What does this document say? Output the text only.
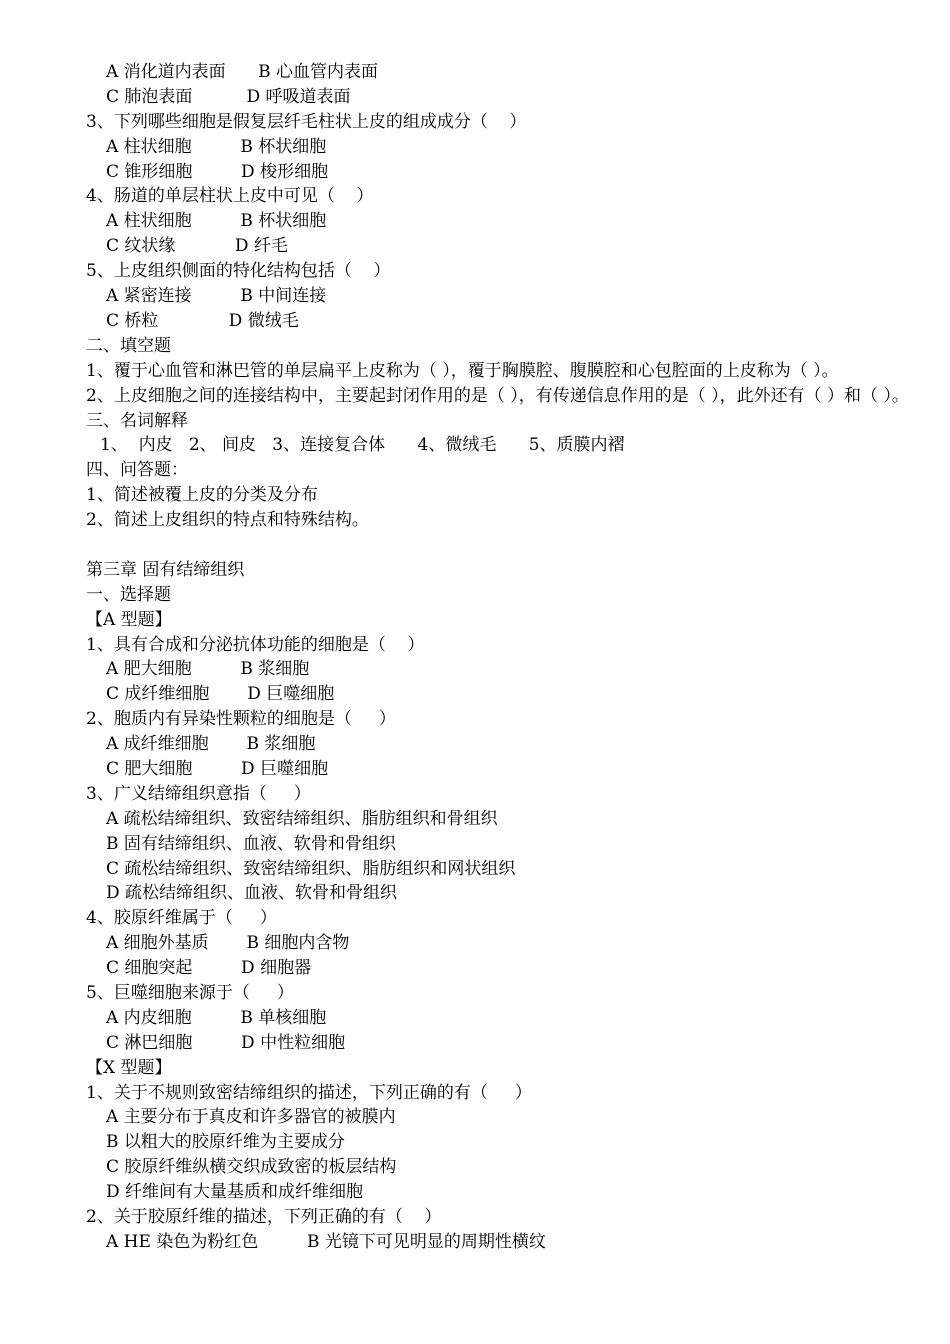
A 消化道内表面      B 心血管内表面
C 肺泡表面          D 呼吸道表面
3、下列哪些细胞是假复层纤毛柱状上皮的组成成分（    ）
A 柱状细胞         B 杯状细胞
C 锥形细胞         D 梭形细胞
4、肠道的单层柱状上皮中可见（    ）
A 柱状细胞         B 杯状细胞
C 纹状缘           D 纤毛
5、上皮组织侧面的特化结构包括（    ）
A 紧密连接         B 中间连接
C 桥粒             D 微绒毛
二、填空题
1、覆于心血管和淋巴管的单层扁平上皮称为（ ），覆于胸膜腔、腹膜腔和心包腔面的上皮称为（ ）。
2、上皮细胞之间的连接结构中，主要起封闭作用的是（ ），有传递信息作用的是（ ），此外还有（ ）和（ ）。
三、名词解释
1、  内皮   2、 间皮   3、连接复合体      4、微绒毛      5、质膜内褶
四、问答题：
1、简述被覆上皮的分类及分布
2、简述上皮组织的特点和特殊结构。
第三章 固有结缔组织
一、选择题
【A 型题】
1、具有合成和分泌抗体功能的细胞是（    ）
A 肥大细胞         B 浆细胞
C 成纤维细胞       D 巨噬细胞
2、胞质内有异染性颗粒的细胞是（     ）
A 成纤维细胞       B 浆细胞
C 肥大细胞         D 巨噬细胞
3、广义结缔组织意指（     ）
A 疏松结缔组织、致密结缔组织、脂肪组织和骨组织
B 固有结缔组织、血液、软骨和骨组织
C 疏松结缔组织、致密结缔组织、脂肪组织和网状组织
D 疏松结缔组织、血液、软骨和骨组织
4、胶原纤维属于（     ）
A 细胞外基质       B 细胞内含物
C 细胞突起         D 细胞器
5、巨噬细胞来源于（     ）
A 内皮细胞         B 单核细胞
C 淋巴细胞         D 中性粒细胞
【X 型题】
1、关于不规则致密结缔组织的描述，下列正确的有（     ）
A 主要分布于真皮和许多器官的被膜内
B 以粗大的胶原纤维为主要成分
C 胶原纤维纵横交织成致密的板层结构
D 纤维间有大量基质和成纤维细胞
2、关于胶原纤维的描述，下列正确的有（    ）
A HE 染色为粉红色         B 光镜下可见明显的周期性横纹
